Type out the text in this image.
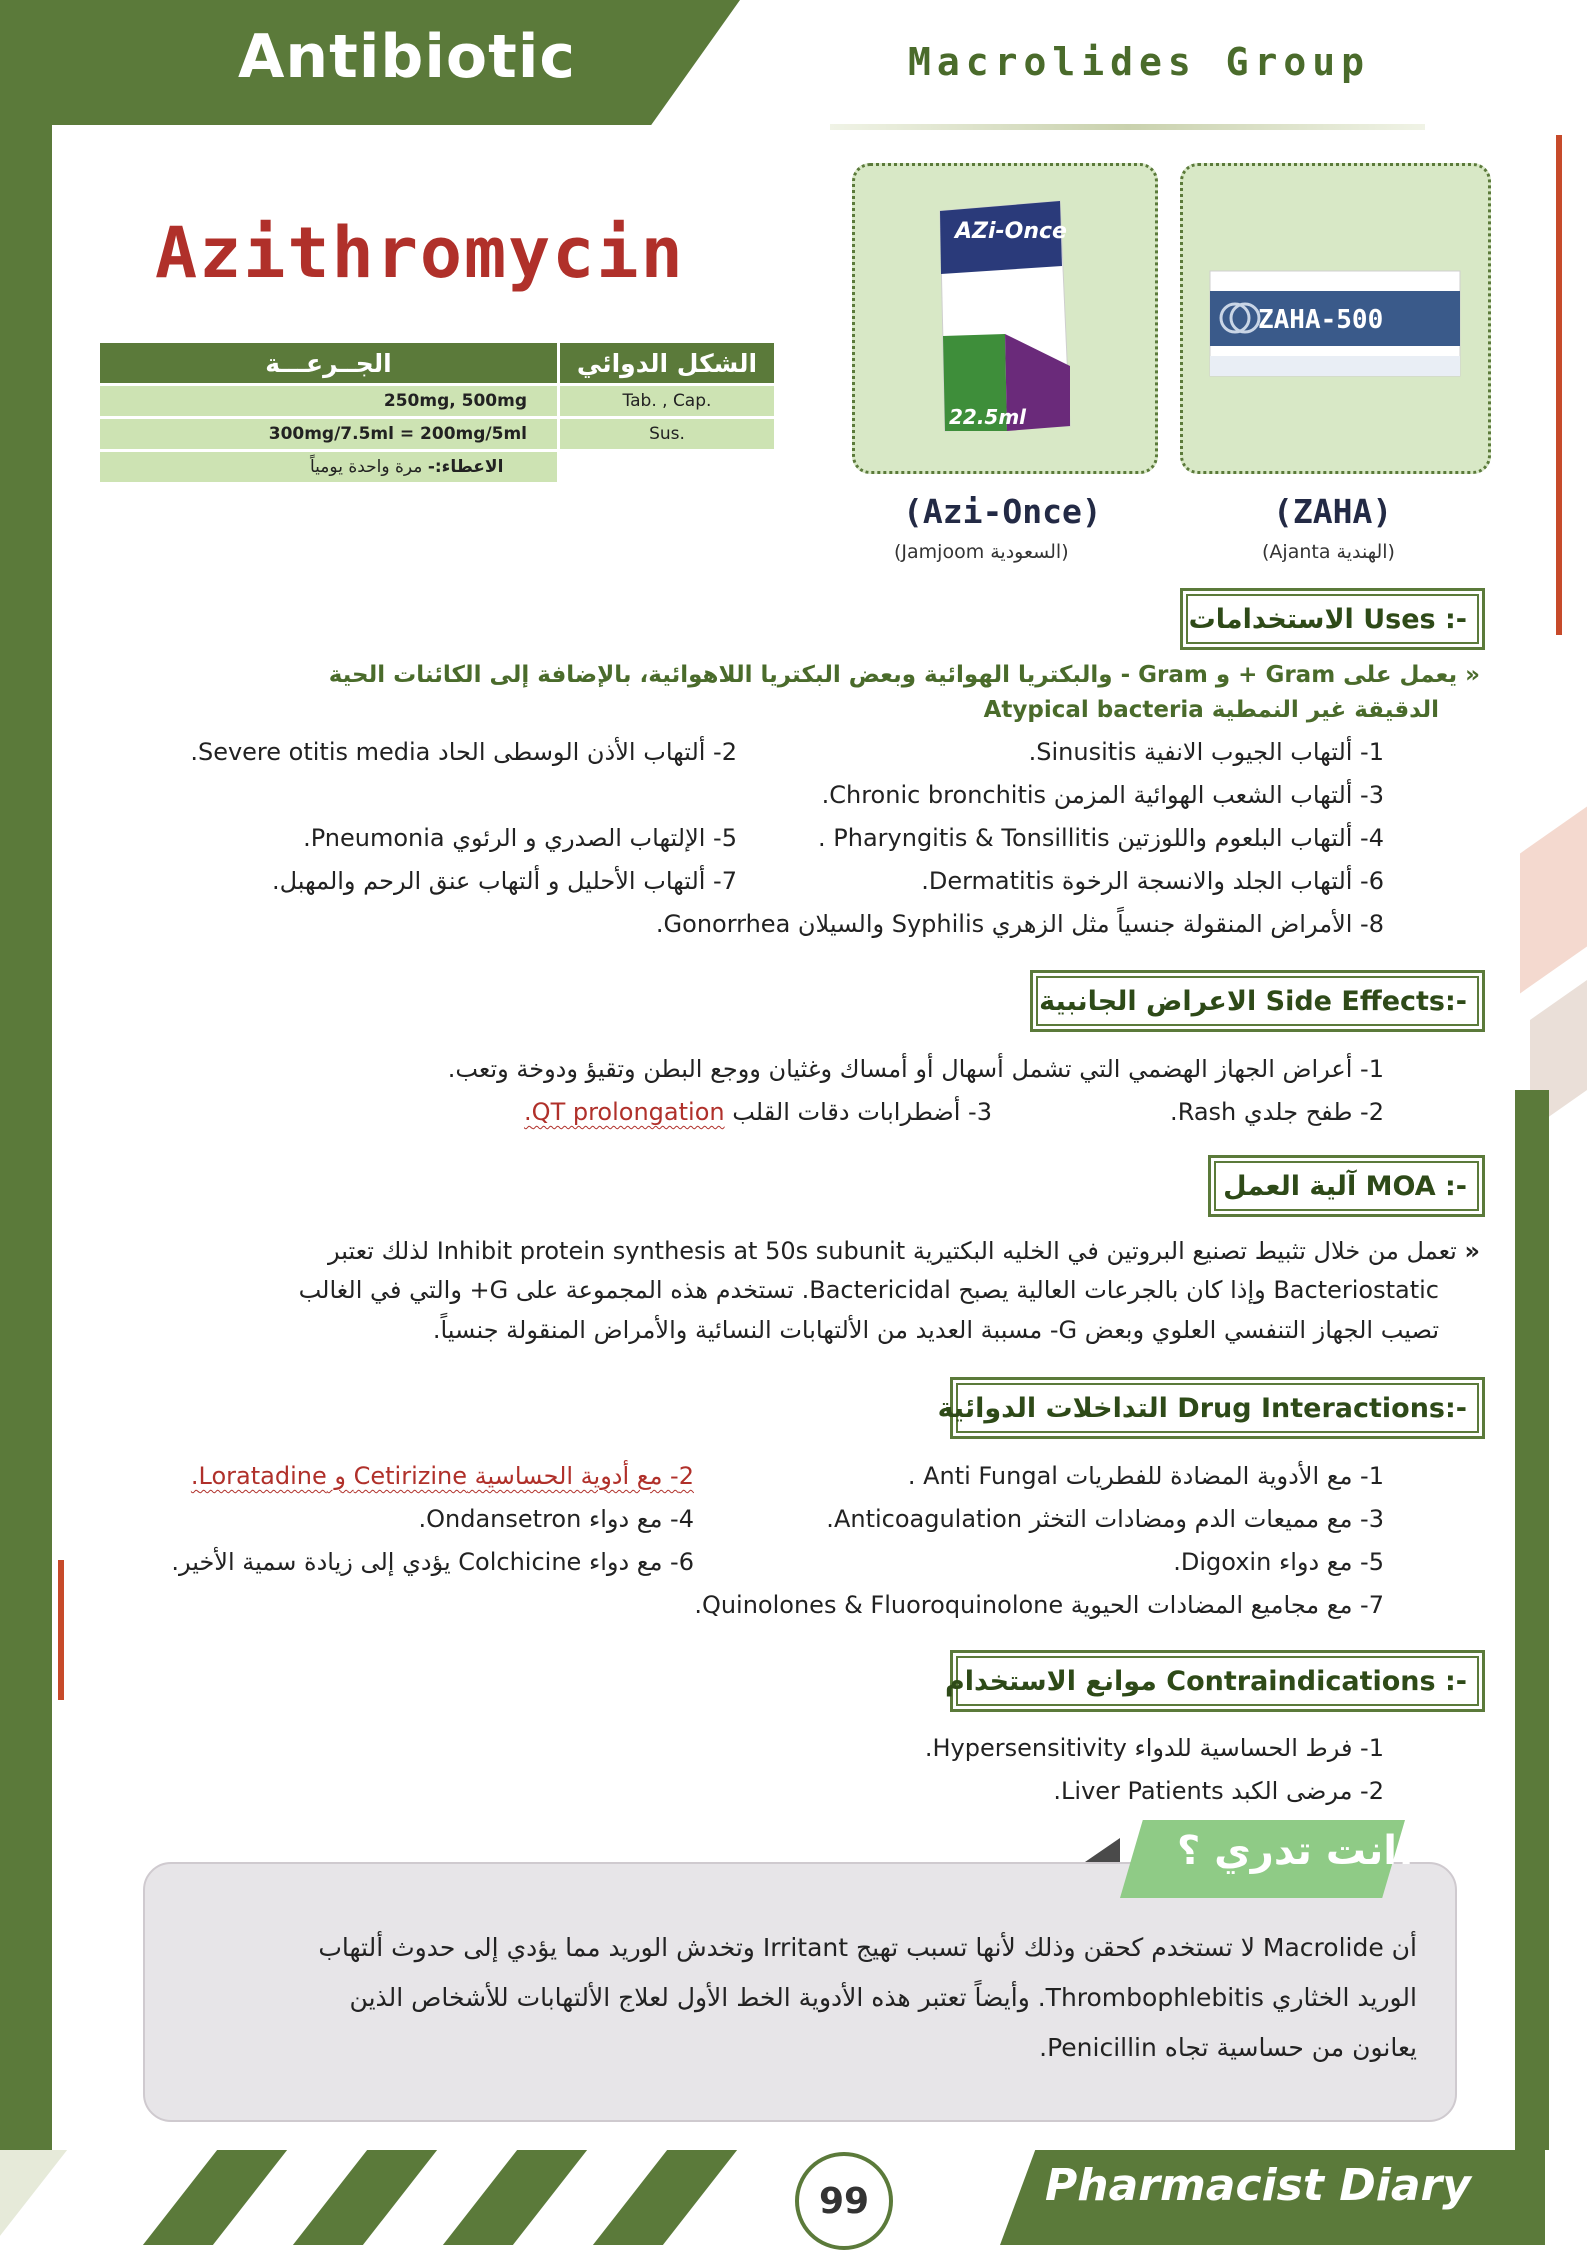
Antibiotic	Macrolides Group
Azithromycin
الجــرعـــة	الشكل الدوائي
250mg, 500mg	Tab. , Cap.
300mg/7.5ml = 200mg/5ml	Sus.
الاعطاء:- مرة واحدة يومياً	
AZi-Once
22.5ml
(Azi-Once)
(Jamjoom السعودية)
ZAHA-500
(ZAHA)
(Ajanta الهندية)
الاستخدامات Uses :-
« يعمل على Gram + و Gram - والبكتريا الهوائية وبعض البكتريا اللاهوائية، بالإضافة إلى الكائنات الحية
الدقيقة غير النمطية Atypical bacteria
1- ألتهاب الجيوب الانفية Sinusitis.
2- ألتهاب الأذن الوسطى الحاد Severe otitis media.
3- ألتهاب الشعب الهوائية المزمن Chronic bronchitis.
4- ألتهاب البلعوم واللوزتين Pharyngitis & Tonsillitis .
5- الإلتهاب الصدري و الرئوي Pneumonia.
6- ألتهاب الجلد والانسجة الرخوة Dermatitis.
7- ألتهاب الأحليل و ألتهاب عنق الرحم والمهبل.
8- الأمراض المنقولة جنسياً مثل الزهري Syphilis والسيلان Gonorrhea.
الاعراض الجانبية Side Effects:-
1- أعراض الجهاز الهضمي التي تشمل أسهال أو أمساك وغثيان ووجع البطن وتقيؤ ودوخة وتعب.
2- طفح جلدي Rash.
3- أضطرابات دقات القلب QT prolongation.
آلية العمل MOA :-
« تعمل من خلال تثبيط تصنيع البروتين في الخليه البكتيرية Inhibit protein synthesis at 50s subunit لذلك تعتبر
Bacteriostatic وإذا كان بالجرعات العالية يصبح Bactericidal. تستخدم هذه المجموعة على G+ والتي في الغالب
تصيب الجهاز التنفسي العلوي وبعض G- مسببة العديد من الألتهابات النسائية والأمراض المنقولة جنسياً.
التداخلات الدوائية Drug Interactions:-
1- مع الأدوية المضادة للفطريات Anti Fungal .
2- مع أدوية الحساسية Cetirizine و Loratadine.
3- مع مميعات الدم ومضادات التخثر Anticoagulation.
4- مع دواء Ondansetron.
5- مع دواء Digoxin.
6- مع دواء Colchicine يؤدي إلى زيادة سمية الأخير.
7- مع مجاميع المضادات الحيوية Quinolones & Fluoroquinolone.
موانع الاستخدام Contraindications :-
1- فرط الحساسية للدواء Hypersensitivity.
2- مرضى الكبد Liver Patients.
انت تدري ؟!
أن Macrolide لا تستخدم كحقن وذلك لأنها تسبب تهيج Irritant وتخدش الوريد مما يؤدي إلى حدوث ألتهاب
الوريد الخثاري Thrombophlebitis. وأيضاً تعتبر هذه الأدوية الخط الأول لعلاج الألتهابات للأشخاص الذين
يعانون من حساسية تجاه Penicillin.
99	Pharmacist Diary
